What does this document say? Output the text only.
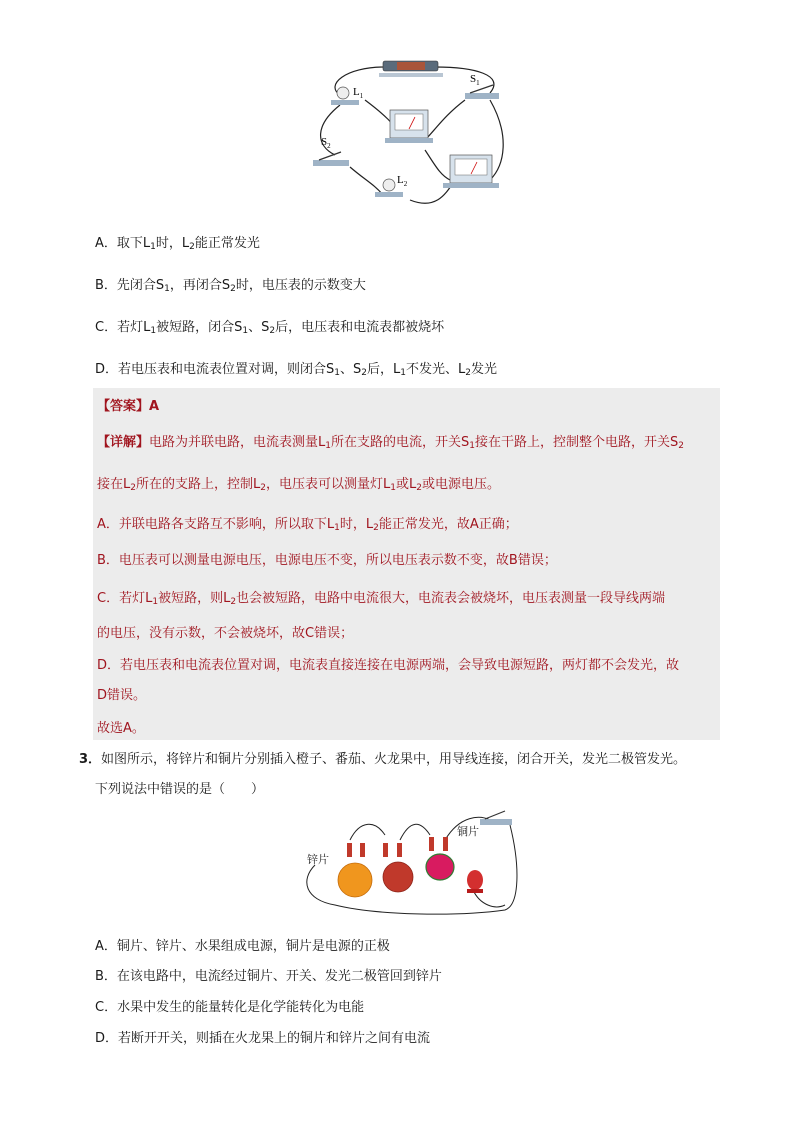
$L_1$
$L_2$
$S_1$
$S_2$
A．取下$L_1$时，$L_2$能正常发光
B．先闭合$S_1$，再闭合$S_2$时，电压表的示数变大
C．若灯$L_1$被短路，闭合$S_1$、$S_2$后，电压表和电流表都被烧坏
D．若电压表和电流表位置对调，则闭合$S_1$、$S_2$后，$L_1$不发光、$L_2$发光
【答案】A
【详解】电路为并联电路，电流表测量$L_1$所在支路的电流，开关$S_1$接在干路上，控制整个电路，开关$S_2$
接在$L_2$所在的支路上，控制$L_2$，电压表可以测量灯$L_1$或$L_2$或电源电压。
A．并联电路各支路互不影响，所以取下$L_1$时，$L_2$能正常发光，故A正确；
B．电压表可以测量电源电压，电源电压不变，所以电压表示数不变，故B错误；
C．若灯$L_1$被短路，则$L_2$也会被短路，电路中电流很大，电流表会被烧坏，电压表测量一段导线两端
的电压，没有示数，不会被烧坏，故C错误；
D．若电压表和电流表位置对调，电流表直接连接在电源两端，会导致电源短路，两灯都不会发光，故
D错误。
故选A。
3．如图所示，将锌片和铜片分别插入橙子、番茄、火龙果中，用导线连接，闭合开关，发光二极管发光。
下列说法中错误的是（　　）
锌片
铜片
A．铜片、锌片、水果组成电源，铜片是电源的正极
B．在该电路中，电流经过铜片、开关、发光二极管回到锌片
C．水果中发生的能量转化是化学能转化为电能
D．若断开开关，则插在火龙果上的铜片和锌片之间有电流
